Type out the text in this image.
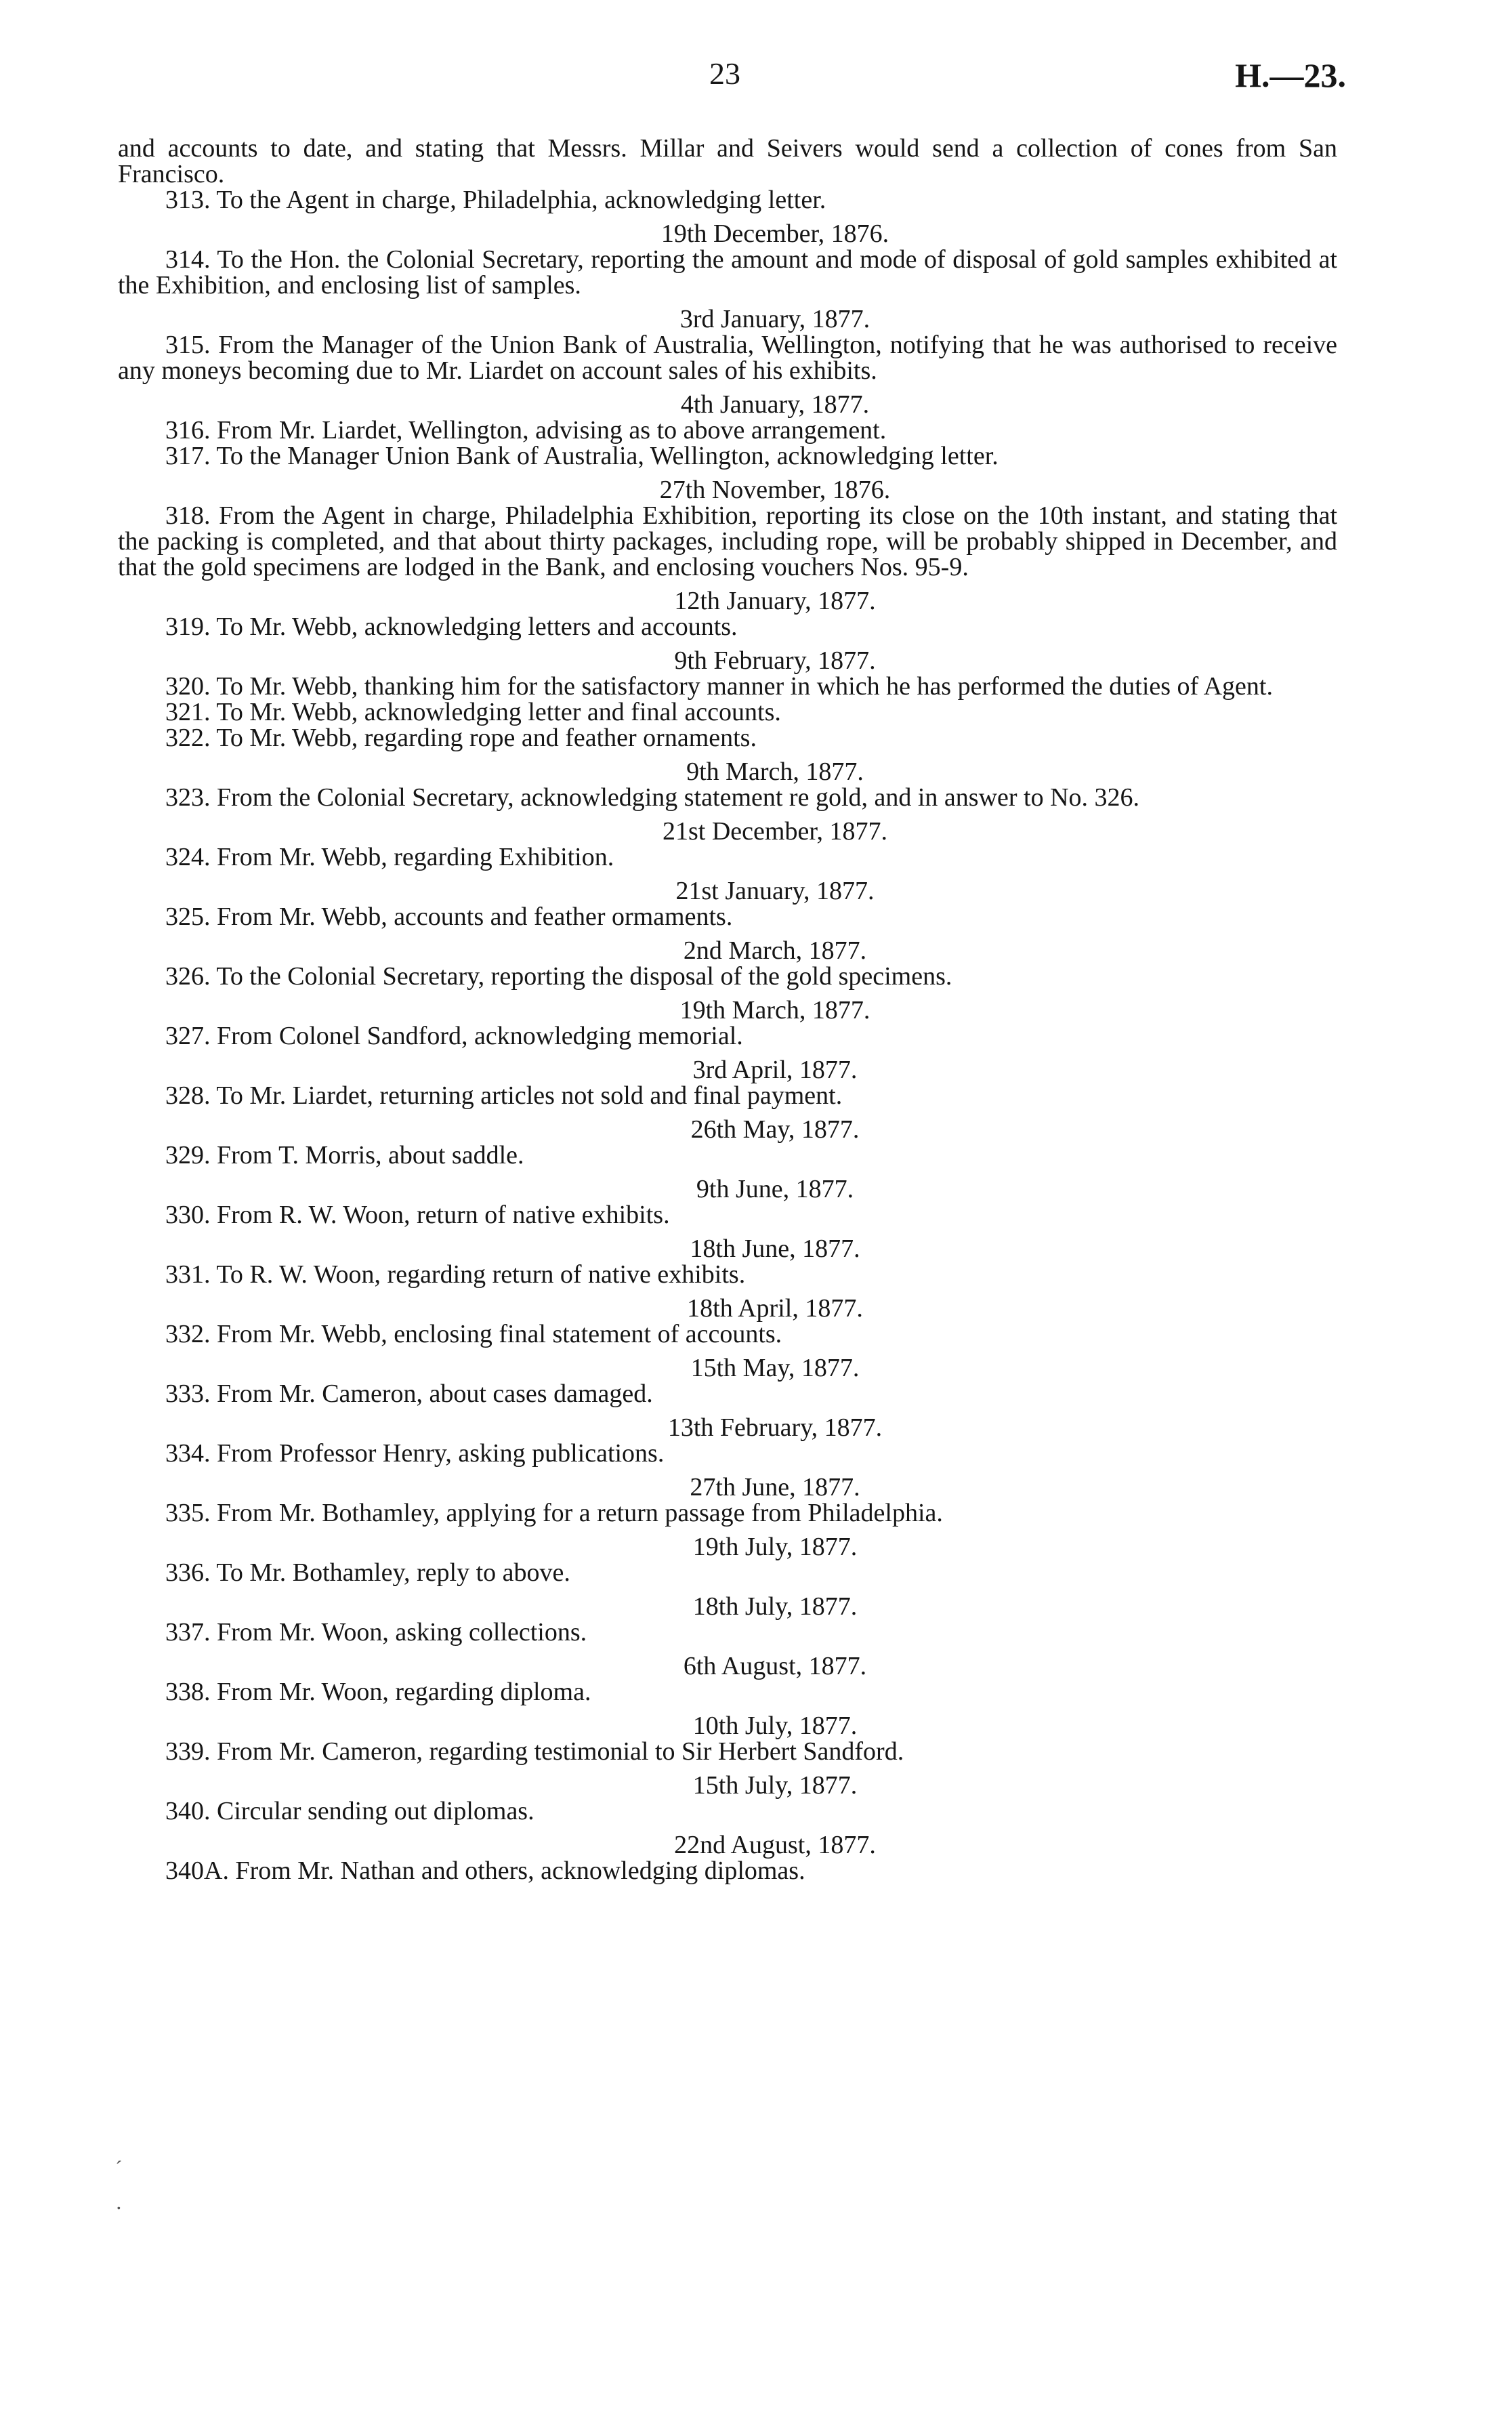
23	H.—23.

and accounts to date, and stating that Messrs. Millar and Seivers would send a collection of cones from San Francisco.

313. To the Agent in charge, Philadelphia, acknowledging letter.

19th December, 1876.

314. To the Hon. the Colonial Secretary, reporting the amount and mode of disposal of gold samples exhibited at the Exhibition, and enclosing list of samples.

3rd January, 1877.

315. From the Manager of the Union Bank of Australia, Wellington, notifying that he was authorised to receive any moneys becoming due to Mr. Liardet on account sales of his exhibits.

4th January, 1877.

316. From Mr. Liardet, Wellington, advising as to above arrangement.

317. To the Manager Union Bank of Australia, Wellington, acknowledging letter.

27th November, 1876.

318. From the Agent in charge, Philadelphia Exhibition, reporting its close on the 10th instant, and stating that the packing is completed, and that about thirty packages, including rope, will be probably shipped in December, and that the gold specimens are lodged in the Bank, and enclosing vouchers Nos. 95-9.

12th January, 1877.

319. To Mr. Webb, acknowledging letters and accounts.

9th February, 1877.

320. To Mr. Webb, thanking him for the satisfactory manner in which he has performed the duties of Agent.

321. To Mr. Webb, acknowledging letter and final accounts.

322. To Mr. Webb, regarding rope and feather ornaments.

9th March, 1877.

323. From the Colonial Secretary, acknowledging statement re gold, and in answer to No. 326.

21st December, 1877.

324. From Mr. Webb, regarding Exhibition.

21st January, 1877.

325. From Mr. Webb, accounts and feather ormaments.

2nd March, 1877.

326. To the Colonial Secretary, reporting the disposal of the gold specimens.

19th March, 1877.

327. From Colonel Sandford, acknowledging memorial.

3rd April, 1877.

328. To Mr. Liardet, returning articles not sold and final payment.

26th May, 1877.

329. From T. Morris, about saddle.

9th June, 1877.

330. From R. W. Woon, return of native exhibits.

18th June, 1877.

331. To R. W. Woon, regarding return of native exhibits.

18th April, 1877.

332. From Mr. Webb, enclosing final statement of accounts.

15th May, 1877.

333. From Mr. Cameron, about cases damaged.

13th February, 1877.

334. From Professor Henry, asking publications.

27th June, 1877.

335. From Mr. Bothamley, applying for a return passage from Philadelphia.

19th July, 1877.

336. To Mr. Bothamley, reply to above.

18th July, 1877.

337. From Mr. Woon, asking collections.

6th August, 1877.

338. From Mr. Woon, regarding diploma.

10th July, 1877.

339. From Mr. Cameron, regarding testimonial to Sir Herbert Sandford.

15th July, 1877.

340. Circular sending out diplomas.

22nd August, 1877.

340A. From Mr. Nathan and others, acknowledging diplomas.

´
·
